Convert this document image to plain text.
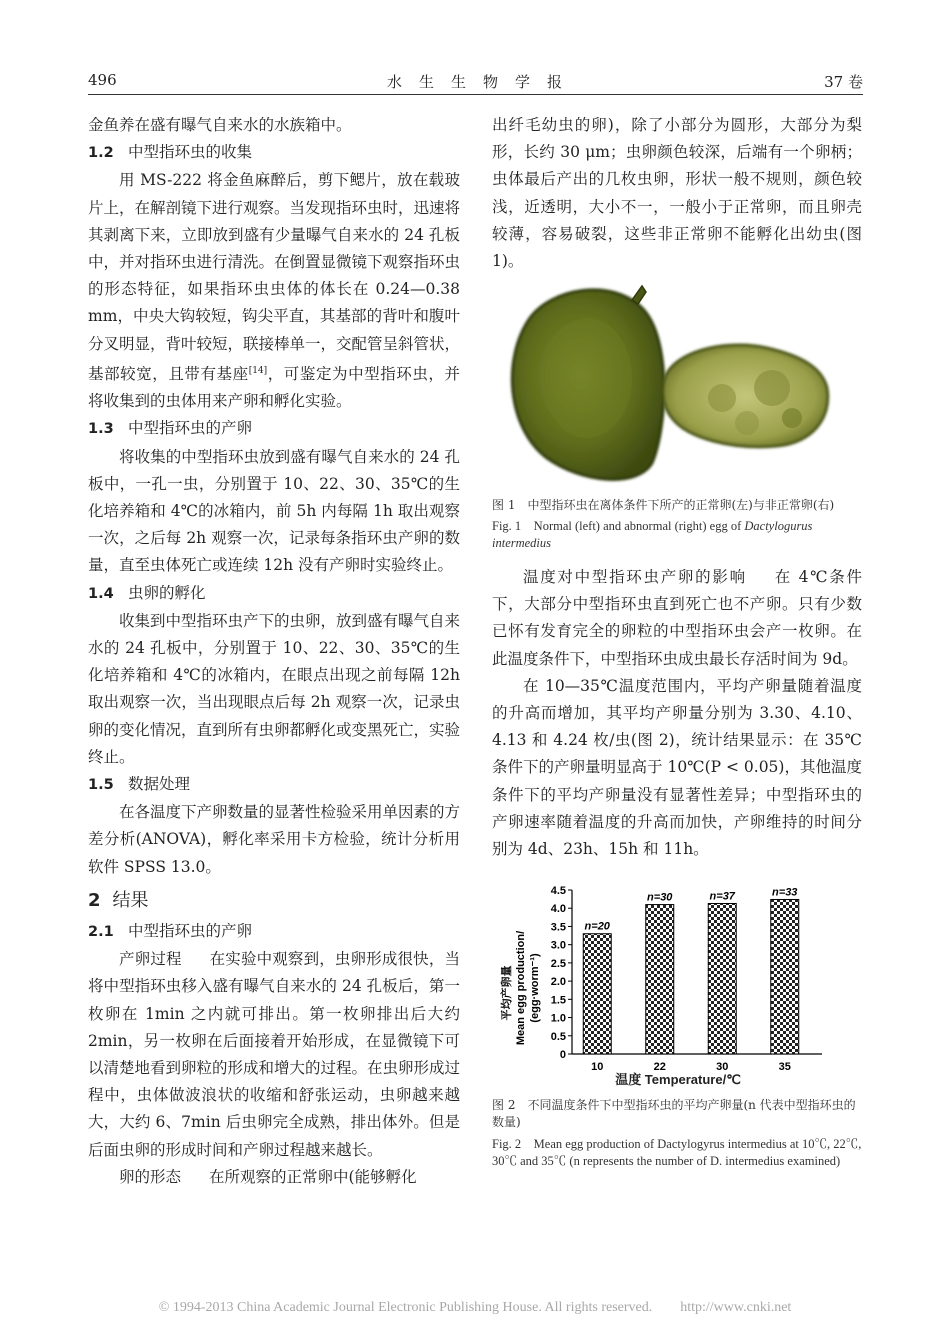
496	水　生　生　物　学　报	37 卷

金鱼养在盛有曝气自来水的水族箱中。

1.2 中型指环虫的收集

用 MS-222 将金鱼麻醉后，剪下鳃片，放在载玻片上，在解剖镜下进行观察。当发现指环虫时，迅速将其剥离下来，立即放到盛有少量曝气自来水的 24 孔板中，并对指环虫进行清洗。在倒置显微镜下观察指环虫的形态特征，如果指环虫虫体的体长在 0.24—0.38 mm，中央大钩较短，钩尖平直，其基部的背叶和腹叶分叉明显，背叶较短，联接棒单一，交配管呈斜管状，基部较宽，且带有基座[14]，可鉴定为中型指环虫，并将收集到的虫体用来产卵和孵化实验。

1.3 中型指环虫的产卵

将收集的中型指环虫放到盛有曝气自来水的 24 孔板中，一孔一虫，分别置于 10、22、30、35℃的生化培养箱和 4℃的冰箱内，前 5h 内每隔 1h 取出观察一次，之后每 2h 观察一次，记录每条指环虫产卵的数量，直至虫体死亡或连续 12h 没有产卵时实验终止。

1.4 虫卵的孵化

收集到中型指环虫产下的虫卵，放到盛有曝气自来水的 24 孔板中，分别置于 10、22、30、35℃的生化培养箱和 4℃的冰箱内，在眼点出现之前每隔 12h 取出观察一次，当出现眼点后每 2h 观察一次，记录虫卵的变化情况，直到所有虫卵都孵化或变黑死亡，实验终止。

1.5 数据处理

在各温度下产卵数量的显著性检验采用单因素的方差分析(ANOVA)，孵化率采用卡方检验，统计分析用软件 SPSS 13.0。

2 结果

2.1 中型指环虫的产卵

产卵过程 在实验中观察到，虫卵形成很快，当将中型指环虫移入盛有曝气自来水的 24 孔板后，第一枚卵在 1min 之内就可排出。第一枚卵排出后大约 2min，另一枚卵在后面接着开始形成，在显微镜下可以清楚地看到卵粒的形成和增大的过程。在虫卵形成过程中，虫体做波浪状的收缩和舒张运动，虫卵越来越大，大约 6、7min 后虫卵完全成熟，排出体外。但是后面虫卵的形成时间和产卵过程越来越长。

卵的形态 在所观察的正常卵中(能够孵化

出纤毛幼虫的卵)，除了小部分为圆形，大部分为梨形，长约 30 μm；虫卵颜色较深，后端有一个卵柄；虫体最后产出的几枚虫卵，形状一般不规则，颜色较浅，近透明，大小不一，一般小于正常卵，而且卵壳较薄，容易破裂，这些非正常卵不能孵化出幼虫(图 1)。

图 1　中型指环虫在离体条件下所产的正常卵(左)与非正常卵(右)
Fig. 1　Normal (left) and abnormal (right) egg of Dactylogurus intermedius

温度对中型指环虫产卵的影响 在 4℃条件下，大部分中型指环虫直到死亡也不产卵。只有少数已怀有发育完全的卵粒的中型指环虫会产一枚卵。在此温度条件下，中型指环虫成虫最长存活时间为 9d。

在 10—35℃温度范围内，平均产卵量随着温度的升高而增加，其平均产卵量分别为 3.30、4.10、4.13 和 4.24 枚/虫(图 2)，统计结果显示：在 35℃条件下的产卵量明显高于 10℃(P < 0.05)，其他温度条件下的平均产卵量没有显著性差异；中型指环虫的产卵速率随着温度的升高而加快，产卵维持的时间分别为 4d、23h、15h 和 11h。

0
0.5
1.0
1.5
2.0
2.5
3.0
3.5
4.0
4.5
10	22	30	35
n=20
n=30	n=37	n=33
平均产卵量 Mean egg production/ (egg·worm⁻¹)
温度 Temperature/℃
图 2　不同温度条件下中型指环虫的平均产卵量(n 代表中型指环虫的数量)
Fig. 2　Mean egg production of Dactylogyrus intermedius at 10℃, 22℃, 30℃ and 35℃ (n represents the number of D. intermedius examined)
© 1994-2013 China Academic Journal Electronic Publishing House. All rights reserved.　　http://www.cnki.net
